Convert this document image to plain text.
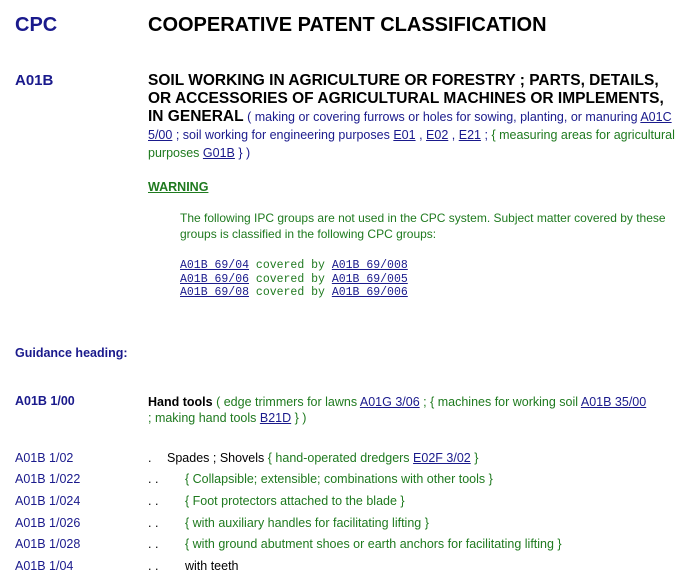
CPC	COOPERATIVE PATENT CLASSIFICATION
A01B	SOIL WORKING IN AGRICULTURE OR FORESTRY ; PARTS, DETAILS, OR ACCESSORIES OF AGRICULTURAL MACHINES OR IMPLEMENTS, IN GENERAL ( making or covering furrows or holes for sowing, planting, or manuring A01C 5/00 ; soil working for engineering purposes E01 , E02 , E21 ; { measuring areas for agricultural purposes G01B } )
WARNING
The following IPC groups are not used in the CPC system. Subject matter covered by these groups is classified in the following CPC groups:
A01B 69/04 covered by A01B 69/008
A01B 69/06 covered by A01B 69/005
A01B 69/08 covered by A01B 69/006
Guidance heading:
A01B 1/00	Hand tools ( edge trimmers for lawns A01G 3/06 ; { machines for working soil A01B 35/00 ; making hand tools B21D } )
A01B 1/02	. Spades ; Shovels { hand-operated dredgers E02F 3/02 }
A01B 1/022	. . { Collapsible; extensible; combinations with other tools }
A01B 1/024	. . { Foot protectors attached to the blade }
A01B 1/026	. . { with auxiliary handles for facilitating lifting }
A01B 1/028	. . { with ground abutment shoes or earth anchors for facilitating lifting }
A01B 1/04	. . with teeth
